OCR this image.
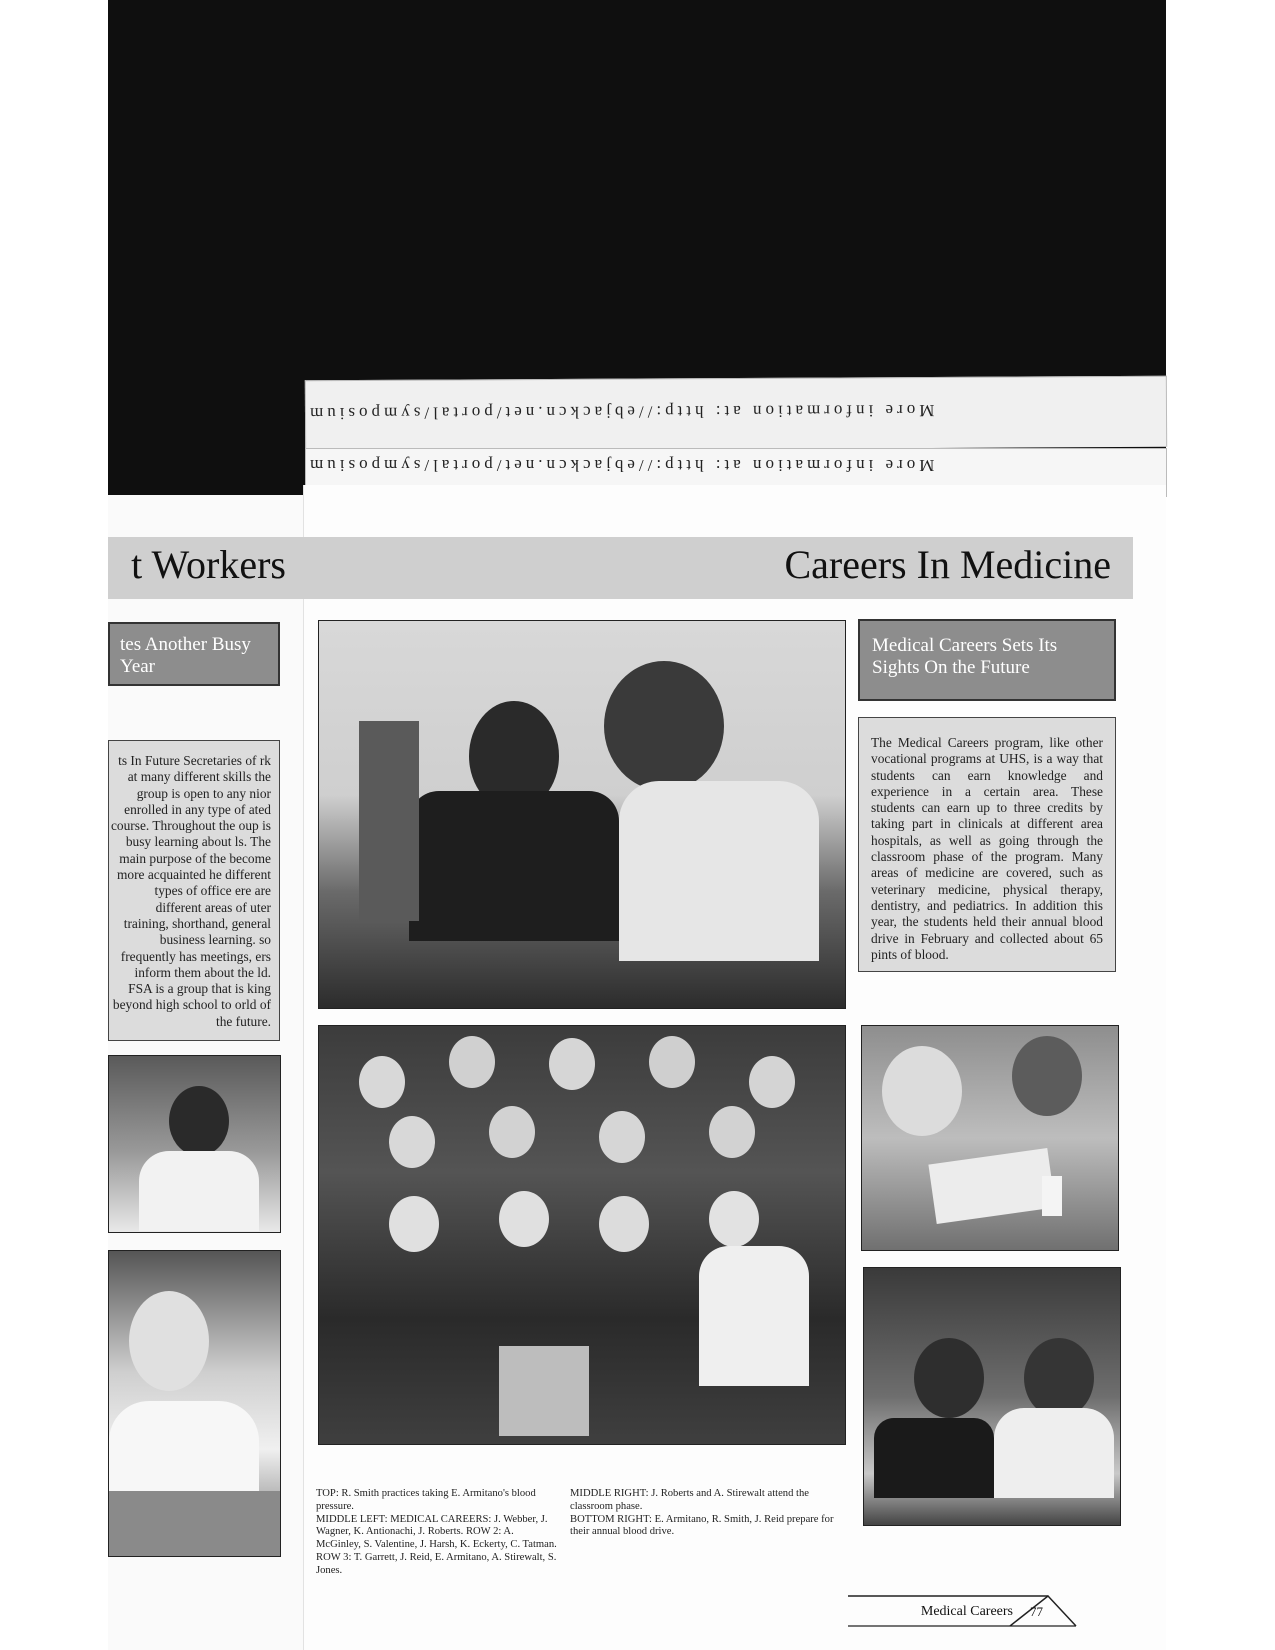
More information at: http://ebjackcn.net/portal/symposium
More information at: http://ebjackcn.net/portal/symposium
t Workers	Careers In Medicine
tes Another Busy Year
Medical Careers Sets Its Sights On the Future
ts In Future Secretaries of rk at many different skills the group is open to any nior enrolled in any type of ated course. Throughout the oup is busy learning about ls. The main purpose of the become more acquainted he different types of office ere are different areas of uter training, shorthand, general business learning. so frequently has meetings, ers inform them about the ld. FSA is a group that is king beyond high school to orld of the future.
The Medical Careers program, like other vocational programs at UHS, is a way that students can earn knowledge and experience in a certain area. These students can earn up to three credits by taking part in clinicals at different area hospitals, as well as going through the classroom phase of the program. Many areas of medicine are covered, such as veterinary medicine, physical therapy, dentistry, and pediatrics. In addition this year, the students held their annual blood drive in February and collected about 65 pints of blood.
TOP: R. Smith practices taking E. Armitano's blood pressure.
MIDDLE LEFT: MEDICAL CAREERS: J. Webber, J. Wagner, K. Antionachi, J. Roberts. ROW 2: A. McGinley, S. Valentine, J. Harsh, K. Eckerty, C. Tatman. ROW 3: T. Garrett, J. Reid, E. Armitano, A. Stirewalt, S. Jones.
MIDDLE RIGHT: J. Roberts and A. Stirewalt attend the classroom phase.
BOTTOM RIGHT: E. Armitano, R. Smith, J. Reid prepare for their annual blood drive.
Medical Careers 77
